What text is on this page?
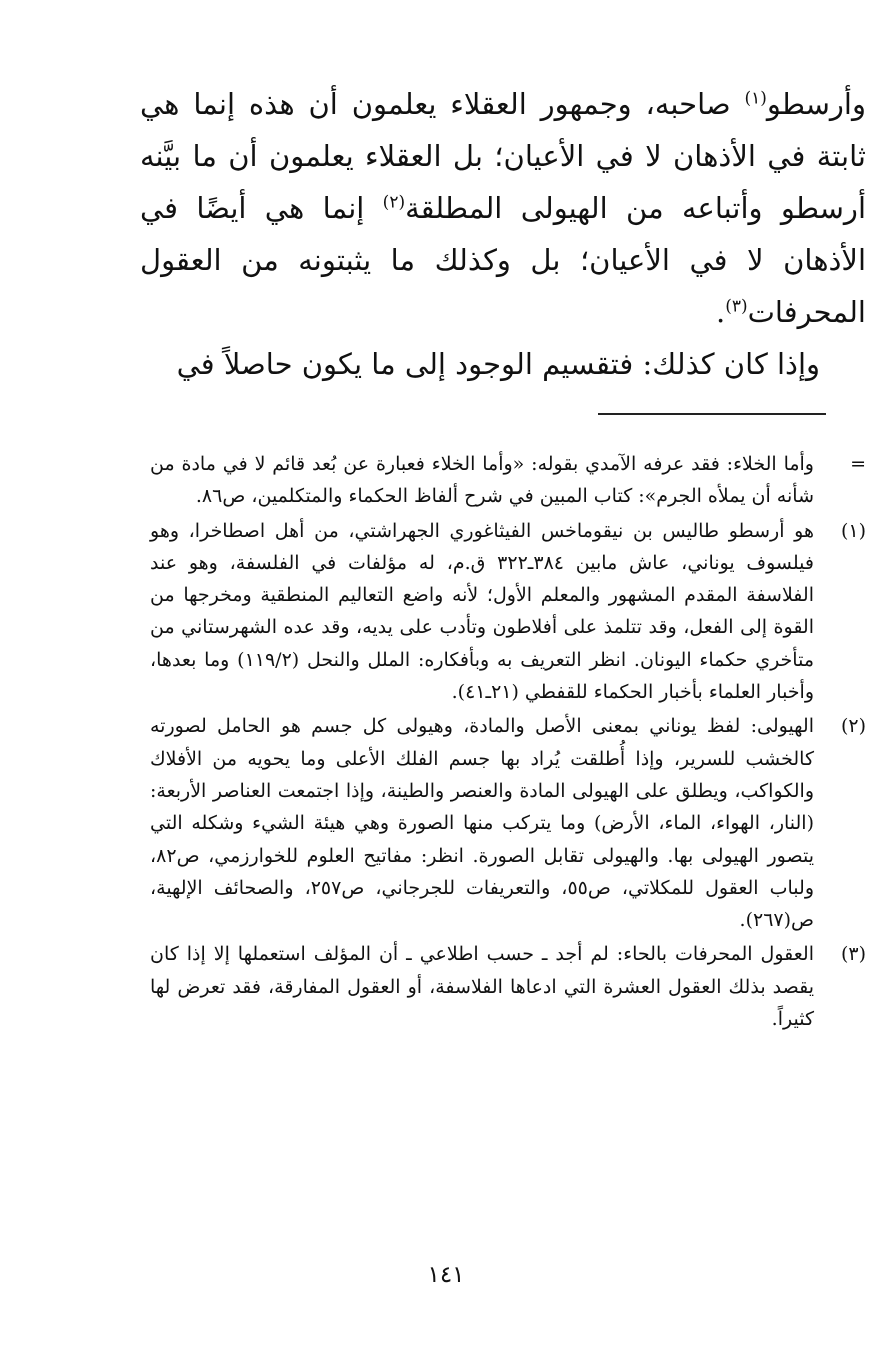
وأرسطو$^{(١)}$ صاحبه، وجمهور العقلاء يعلمون أن هذه إنما هي ثابتة في الأذهان لا في الأعيان؛ بل العقلاء يعلمون أن ما بيَّنه أرسطو وأتباعه من الهيولى المطلقة$^{(٢)}$ إنما هي أيضًا في الأذهان لا في الأعيان؛ بل وكذلك ما يثبتونه من العقول المحرفات$^{(٣)}$.

وإذا كان كذلك: فتقسيم الوجود إلى ما يكون حاصلاً في

=
وأما الخلاء: فقد عرفه الآمدي بقوله: «وأما الخلاء فعبارة عن بُعد قائم لا في مادة من شأنه أن يملأه الجرم»: كتاب المبين في شرح ألفاظ الحكماء والمتكلمين، ص٨٦.
(١)
هو أرسطو طاليس بن نيقوماخس الفيثاغوري الجهراشتي، من أهل اصطاخرا، وهو فيلسوف يوناني، عاش مابين ٣٨٤ـ٣٢٢ ق.م، له مؤلفات في الفلسفة، وهو عند الفلاسفة المقدم المشهور والمعلم الأول؛ لأنه واضع التعاليم المنطقية ومخرجها من القوة إلى الفعل، وقد تتلمذ على أفلاطون وتأدب على يديه، وقد عده الشهرستاني من متأخري حكماء اليونان. انظر التعريف به وبأفكاره: الملل والنحل (١١٩/٢) وما بعدها، وأخبار العلماء بأخبار الحكماء للقفطي (٢١ـ٤١).
(٢)
الهيولى: لفظ يوناني بمعنى الأصل والمادة، وهيولى كل جسم هو الحامل لصورته كالخشب للسرير، وإذا أُطلقت يُراد بها جسم الفلك الأعلى وما يحويه من الأفلاك والكواكب، ويطلق على الهيولى المادة والعنصر والطينة، وإذا اجتمعت العناصر الأربعة: (النار، الهواء، الماء، الأرض) وما يتركب منها الصورة وهي هيئة الشيء وشكله التي يتصور الهيولى بها. والهيولى تقابل الصورة. انظر: مفاتيح العلوم للخوارزمي، ص٨٢، ولباب العقول للمكلاتي، ص٥٥، والتعريفات للجرجاني، ص٢٥٧، والصحائف الإلهية، ص(٢٦٧).
(٣)
العقول المحرفات بالحاء: لم أجد ـ حسب اطلاعي ـ أن المؤلف استعملها إلا إذا كان يقصد بذلك العقول العشرة التي ادعاها الفلاسفة، أو العقول المفارقة، فقد تعرض لها كثيراً.
١٤١
